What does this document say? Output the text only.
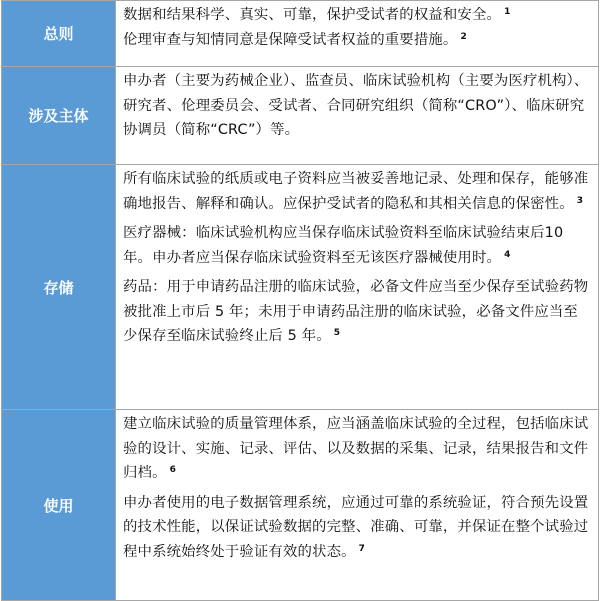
总则	数据和结果科学、真实、可靠，保护受试者的权益和安全。 $^1$

伦理审查与知情同意是保障受试者权益的重要措施。 $^2$

涉及主体	申办者（主要为药械企业）、监查员、临床试验机构（主要为医疗机构）、研究者、伦理委员会、受试者、合同研究组织（简称“CRO”）、临床研究协调员（简称“CRC”）等。

存储	所有临床试验的纸质或电子资料应当被妥善地记录、处理和保存，能够准确地报告、解释和确认。应保护受试者的隐私和其相关信息的保密性。 $^3$

医疗器械：临床试验机构应当保存临床试验资料至临床试验结束后10 年。申办者应当保存临床试验资料至无该医疗器械使用时。 $^4$

药品：用于申请药品注册的临床试验，必备文件应当至少保存至试验药物被批准上市后 5 年；未用于申请药品注册的临床试验，必备文件应当至少保存至临床试验终止后 5 年。 $^5$

使用	建立临床试验的质量管理体系，应当涵盖临床试验的全过程，包括临床试验的设计、实施、记录、评估、以及数据的采集、记录，结果报告和文件归档。 $^6$

申办者使用的电子数据管理系统，应通过可靠的系统验证，符合预先设置的技术性能，以保证试验数据的完整、准确、可靠，并保证在整个试验过程中系统始终处于验证有效的状态。 $^7$
